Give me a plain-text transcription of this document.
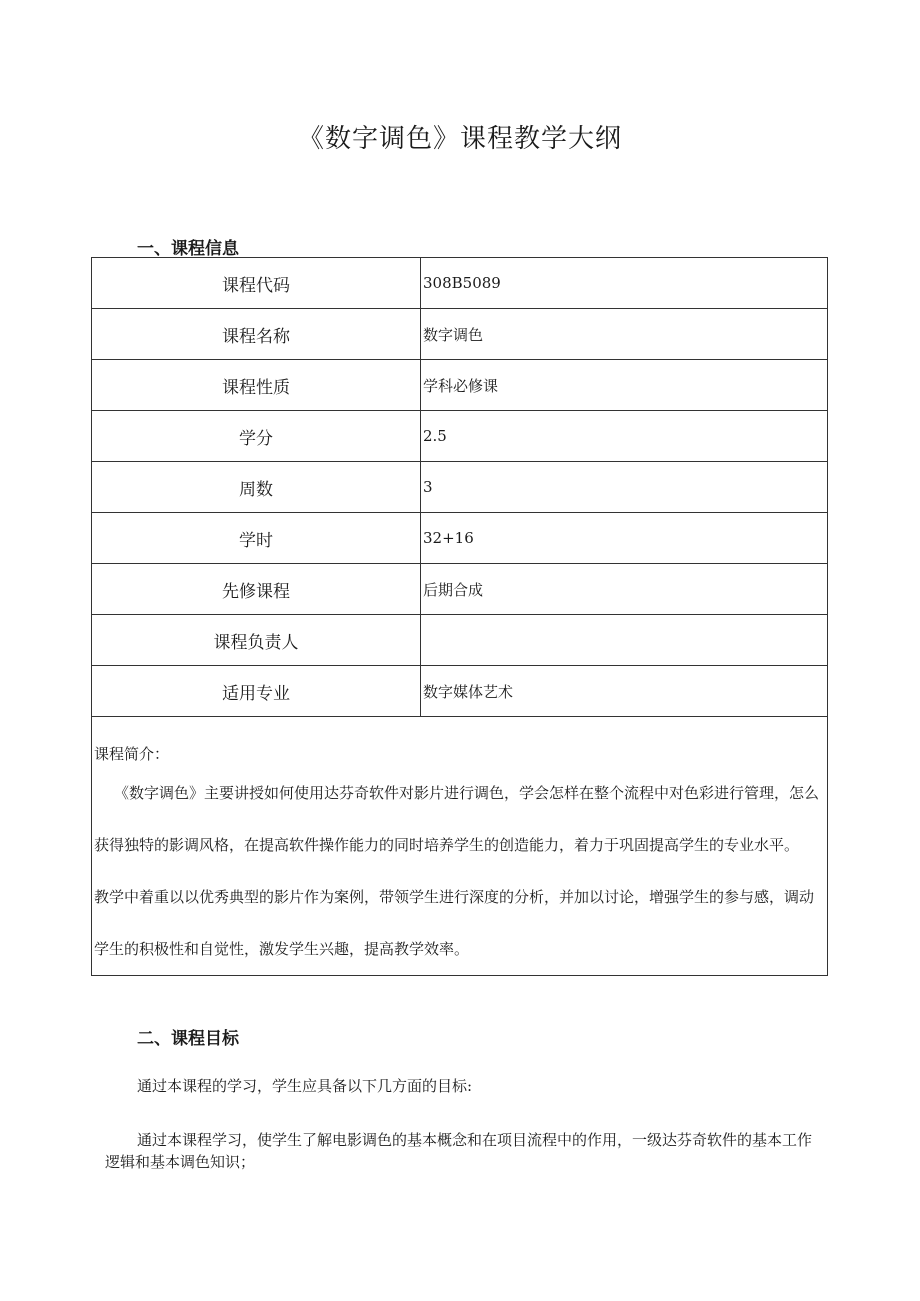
《数字调色》课程教学大纲
一、课程信息
课程代码	308B5089
课程名称	数字调色
课程性质	学科必修课
学分	2.5
周数	3
学时	32+16
先修课程	后期合成
课程负责人	
适用专业	数字媒体艺术

课程简介：

《数字调色》主要讲授如何使用达芬奇软件对影片进行调色，学会怎样在整个流程中对色彩进行管理，怎么获得独特的影调风格，在提高软件操作能力的同时培养学生的创造能力，着力于巩固提高学生的专业水平。

教学中着重以以优秀典型的影片作为案例，带领学生进行深度的分析，并加以讨论，增强学生的参与感，调动学生的积极性和自觉性，激发学生兴趣，提高教学效率。	

二、课程目标

通过本课程的学习，学生应具备以下几方面的目标:

通过本课程学习，使学生了解电影调色的基本概念和在项目流程中的作用，一级达芬奇软件的基本工作逻辑和基本调色知识；
